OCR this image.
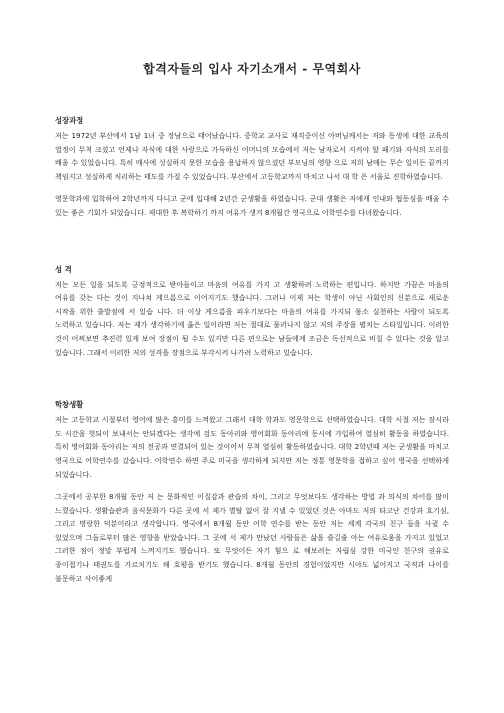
합격자들의 입사 자기소개서 - 무역회사
성장과정

저는 1972년 부산에서 1남 1녀 중 장남으로 태어났습니다. 중학교 교사로 재직중이신 아버님께서는 저와 동생에 대한 교육의 열정이 무척 크셨고 언제나 자식에 대한 사랑으로 가득하신 어머니의 모습에서 저는 남자로서 지켜야 할 패기와 자식의 도리를 배울 수 있었습니다. 특히 매사에 성실하지 못한 모습을 용납하지 않으셨던 부모님의 영향 으로 저희 남매는 무슨 일이든 끝까지 책임지고 성실하게 처리하는 태도를 가질 수 있었습니다. 부산에서 고등학교까지 마치고 나서 대 학 은 서울로 진학하였습니다.

영문학과에 입학하여 2학년까지 다니고 군에 입대해 2년간 군생활을 하였습니다. 군대 생활은 저에게 인내와 협동심을 배울 수 있는 좋은 기회가 되었습니다. 제대한 후 복학하기 까지 여유가 생겨 8개월간 영국으로 어학연수를 다녀왔습니다.

성 격

저는 모든 일을 되도록 긍정적으로 받아들이고 마음의 여유를 가지 고 생활하려 노력하는 편입니다. 하지만 가끔은 마음의 여유를 갖는 다는 것이 지나쳐 게으름으로 이어지기도 했습니다. 그러나 이제 저는 학생이 아닌 사회인의 신분으로 새로운 시작을 위한 출발점에 서 있습 니다. 더 이상 게으름을 피우기보다는 마음의 여유를 가지되 몸소 실천하는 사람이 되도록 노력하고 있습니다. 저는 제가 생각하기에 옳은 일이라면 저는 절대로 물러나지 않고 저의 주장을 펼치는 스타일입니다. 이러한 것이 어찌보면 추진력 있게 보여 장점이 될 수도 있지만 다른 편으로는 남들에게 조금은 독선적으로 비칠 수 있다는 것을 알고 있습니다. 그래서 이러한 저의 성격을 장점으로 부각시켜 나가려 노력하고 있습니다.

학창생활

저는 고등학교 시절부터 영어에 많은 흥미를 느껴왔고 그래서 대학 학과도 영문학으로 선택하였습니다. 대학 시절 저는 잠시라 도 시간을 헛되이 보내서는 안되겠다는 생각에 검도 동아리와 영어회화 동아리에 동시에 가입하여 열심히 활동을 하였습니다. 특히 영어회화 동아리는 저의 전공과 연결되어 있는 것이어서 무척 열심히 활동하였습니다. 대학 2학년때 저는 군생활을 마치고 영국으로 어학연수를 갔습니다. 어학연수 하면 주로 미국을 생각하게 되지만 저는 정통 영문학을 접하고 싶어 영국을 선택하게 되었습니다.

그곳에서 공부한 8개월 동안 저 는 문화적인 이질감과 관습의 차이, 그리고 무엇보다도 생각하는 방법 과 의식의 차이를 많이 느꼈습니다. 생활습관과 음식문화가 다른 곳에 서 제가 별탈 없이 잘 지낼 수 있었던 것은 아마도 저의 타고난 건강과 호기심, 그리고 명랑한 덕분이라고 생각합니다. 영국에서 8개월 동안 어학 연수를 받는 동안 저는 세계 각국의 친구 들을 사귈 수 있었으며 그들로부터 많은 영향을 받았습니다. 그 곳에 서 제가 만났던 사람들은 삶을 즐길줄 아는 여유로움을 가지고 있었고 그러한 점이 정말 부럽게 느껴지기도 했습니다. 또 무엇이든 자기 힘으 로 해보려는 자립심 강한 미국인 친구의 권유로 종이접기나 태권도를 가르치기도 해 호평을 받기도 했습니다. 8개월 동안의 경험이었지만 시야도 넓어지고 국적과 나이를 불문하고 사이좋게
